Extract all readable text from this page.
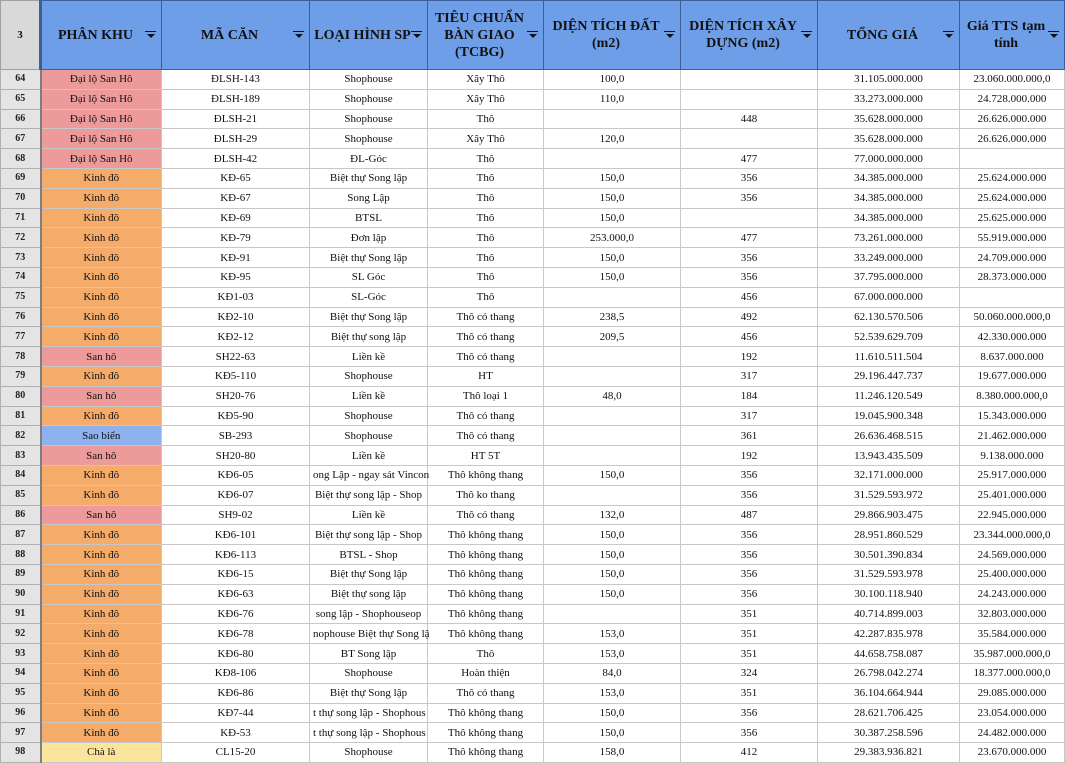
3	PHÂN KHU	MÃ CĂN	LOẠI HÌNH SP	TIÊU CHUẨN BÀN GIAO (TCBG)	DIỆN TÍCH ĐẤT (m2)	DIỆN TÍCH XÂY DỰNG (m2)	TỔNG GIÁ	Giá TTS tạm tính

64	Đại lộ San Hô	ĐLSH-143	Shophouse	Xây Thô	100,0		31.105.000.000	23.060.000.000,0
65	Đại lộ San Hô	ĐLSH-189	Shophouse	Xây Thô	110,0		33.273.000.000	24.728.000.000
66	Đại lộ San Hô	ĐLSH-21	Shophouse	Thô		448	35.628.000.000	26.626.000.000
67	Đại lộ San Hô	ĐLSH-29	Shophouse	Xây Thô	120,0		35.628.000.000	26.626.000.000
68	Đại lộ San Hô	ĐLSH-42	ĐL-Góc	Thô		477	77.000.000.000	
69	Kinh đô	KĐ-65	Biệt thự Song lập	Thô	150,0	356	34.385.000.000	25.624.000.000
70	Kinh đô	KĐ-67	Song Lập	Thô	150,0	356	34.385.000.000	25.624.000.000
71	Kinh đô	KĐ-69	BTSL	Thô	150,0		34.385.000.000	25.625.000.000
72	Kinh đô	KĐ-79	Đơn lập	Thô	253.000,0	477	73.261.000.000	55.919.000.000
73	Kinh đô	KĐ-91	Biệt thự Song lập	Thô	150,0	356	33.249.000.000	24.709.000.000
74	Kinh đô	KĐ-95	SL Góc	Thô	150,0	356	37.795.000.000	28.373.000.000
75	Kinh đô	KĐ1-03	SL-Góc	Thô		456	67.000.000.000	
76	Kinh đô	KĐ2-10	Biệt thự Song lập	Thô có thang	238,5	492	62.130.570.506	50.060.000.000,0
77	Kinh đô	KĐ2-12	Biệt thự song lập	Thô có thang	209,5	456	52.539.629.709	42.330.000.000
78	San hô	SH22-63	Liền kề	Thô có thang		192	11.610.511.504	8.637.000.000
79	Kinh đô	KĐ5-110	Shophouse	HT		317	29.196.447.737	19.677.000.000
80	San hô	SH20-76	Liền kề	Thô loại 1	48,0	184	11.246.120.549	8.380.000.000,0
81	Kinh đô	KĐ5-90	Shophouse	Thô có thang		317	19.045.900.348	15.343.000.000
82	Sao biển	SB-293	Shophouse	Thô có thang		361	26.636.468.515	21.462.000.000
83	San hô	SH20-80	Liền kề	HT 5T		192	13.943.435.509	9.138.000.000
84	Kinh đô	KĐ6-05	ong Lập - ngay sát Vincon	Thô không thang	150,0	356	32.171.000.000	25.917.000.000
85	Kinh đô	KĐ6-07	Biệt thự song lập - Shop	Thô ko thang		356	31.529.593.972	25.401.000.000
86	San hô	SH9-02	Liền kề	Thô có thang	132,0	487	29.866.903.475	22.945.000.000
87	Kinh đô	KĐ6-101	Biệt thự song lập - Shop	Thô không thang	150,0	356	28.951.860.529	23.344.000.000,0
88	Kinh đô	KĐ6-113	BTSL - Shop	Thô không thang	150,0	356	30.501.390.834	24.569.000.000
89	Kinh đô	KĐ6-15	Biệt thự Song lập	Thô không thang	150,0	356	31.529.593.978	25.400.000.000
90	Kinh đô	KĐ6-63	Biệt thự song lập	Thô không thang	150,0	356	30.100.118.940	24.243.000.000
91	Kinh đô	KĐ6-76	song lập - Shophouseop	Thô không thang		351	40.714.899.003	32.803.000.000
92	Kinh đô	KĐ6-78	nophouse Biệt thự Song lậ	Thô không thang	153,0	351	42.287.835.978	35.584.000.000
93	Kinh đô	KĐ6-80	BT Song lập	Thô	153,0	351	44.658.758.087	35.987.000.000,0
94	Kinh đô	KĐ8-106	Shophouse	Hoàn thiện	84,0	324	26.798.042.274	18.377.000.000,0
95	Kinh đô	KĐ6-86	Biệt thự Song lập	Thô có thang	153,0	351	36.104.664.944	29.085.000.000
96	Kinh đô	KĐ7-44	t thự song lập - Shophous	Thô không thang	150,0	356	28.621.706.425	23.054.000.000
97	Kinh đô	KĐ-53	t thự song lập - Shophous	Thô không thang	150,0	356	30.387.258.596	24.482.000.000
98	Chà là	CL15-20	Shophouse	Thô không thang	158,0	412	29.383.936.821	23.670.000.000
